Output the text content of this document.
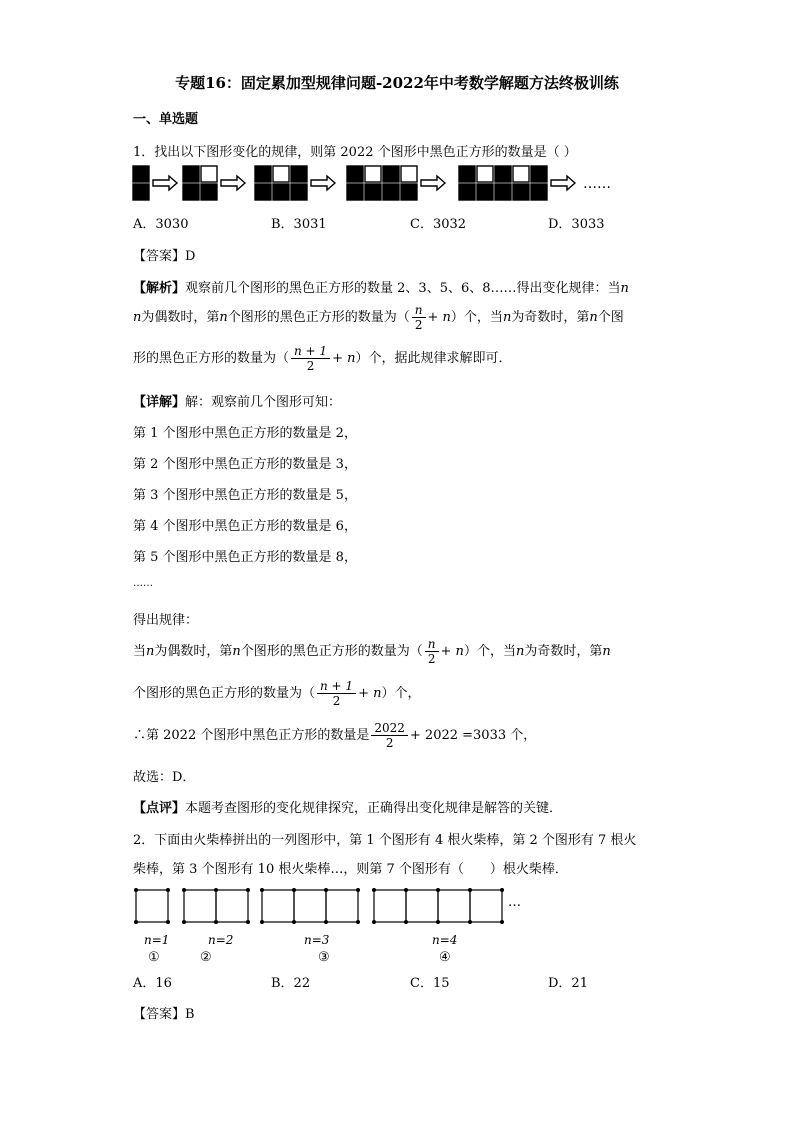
专题16：固定累加型规律问题-2022年中考数学解题方法终极训练
一、单选题
1．找出以下图形变化的规律，则第 2022 个图形中黑色正方形的数量是（ ）
……
A．3030	B．3031	C．3032	D．3033
【答案】D
【解析】观察前几个图形的黑色正方形的数量 2、3、5、6、8……得出变化规律：当n
n为偶数时，第n个图形的黑色正方形的数量为（ $\frac{n}{2} + n$）个，当n为奇数时，第n个图
形的黑色正方形的数量为（ $\frac{n + 1}{2} + n$）个，据此规律求解即可．
【详解】解：观察前几个图形可知：
第 1 个图形中黑色正方形的数量是 2，
第 2 个图形中黑色正方形的数量是 3，
第 3 个图形中黑色正方形的数量是 5，
第 4 个图形中黑色正方形的数量是 6，
第 5 个图形中黑色正方形的数量是 8，
……
得出规律：
当n为偶数时，第n个图形的黑色正方形的数量为（ $\frac{n}{2} + n$）个，当n为奇数时，第n
个图形的黑色正方形的数量为（ $\frac{n + 1}{2} + n$）个，
∴第 2022 个图形中黑色正方形的数量是 $\frac{2022}{2} + 2022 =3033$ 个，
故选：D．
【点评】本题考查图形的变化规律探究，正确得出变化规律是解答的关键．
2．下面由火柴棒拼出的一列图形中，第 1 个图形有 4 根火柴棒，第 2 个图形有 7 根火
柴棒，第 3 个图形有 10 根火柴棒…，则第 7 个图形有（　　）根火柴棒．
…
n=1	n=2	n=3	n=4
①	②	③	④
A．16	B．22	C．15	D．21
【答案】B
